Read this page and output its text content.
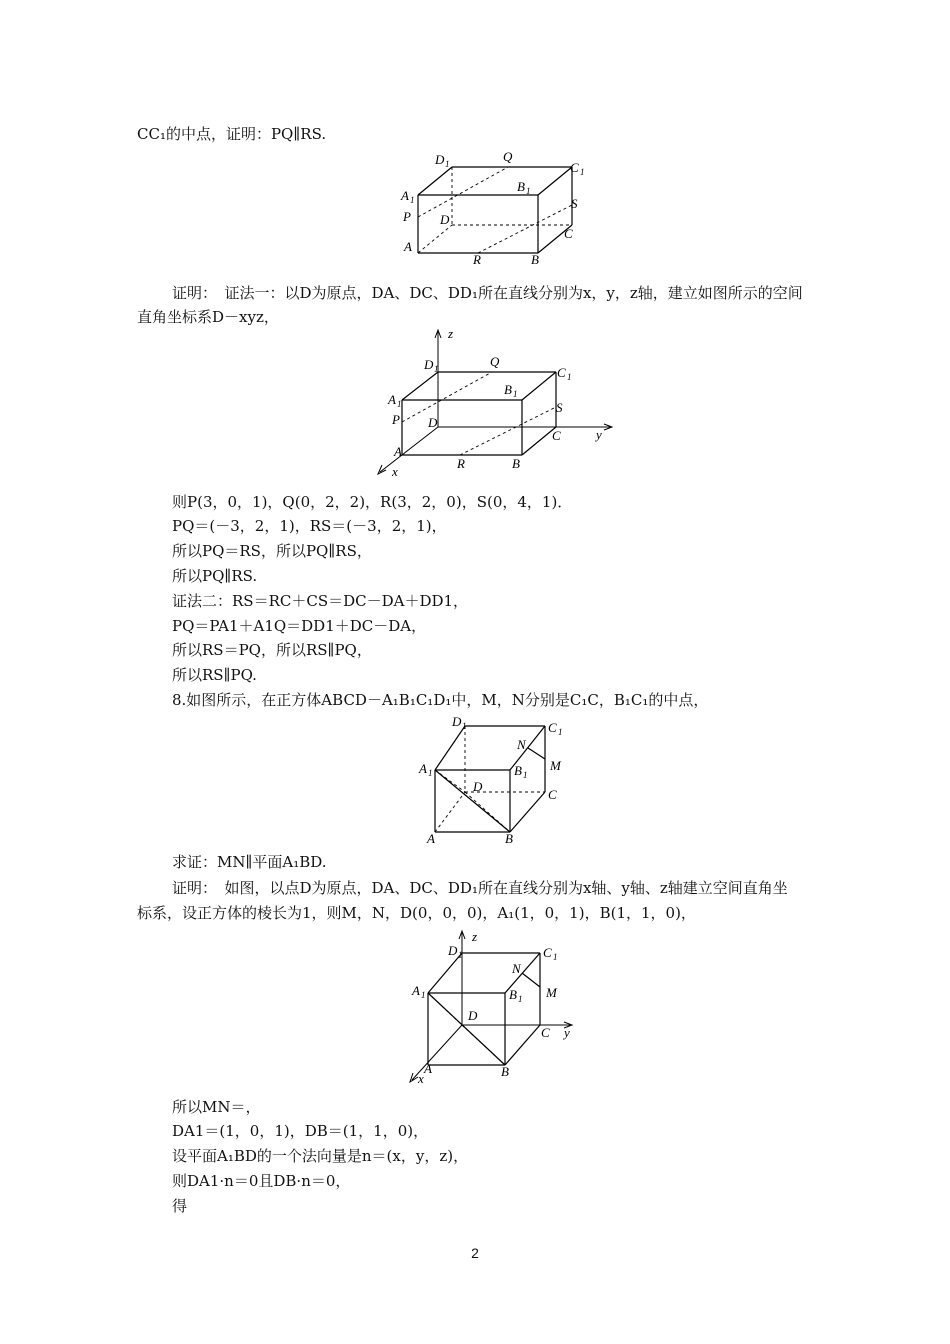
CC₁的中点，证明：PQ∥RS.
D 1	Q
C 1
A 1
B 1
P
S
D
C
A
R	B
证明：　证法一：以D为原点，DA、DC、DD₁所在直线分别为x，y，z轴，建立如图所示的空间
直角坐标系D－xyz，
z
y
x
D 1	Q
C 1
A 1
B 1
P
S
D
C
A
R	B
则P(3，0，1)，Q(0，2，2)，R(3，2，0)，S(0，4，1)．
PQ＝(－3，2，1)，RS＝(－3，2，1)，
所以PQ＝RS，所以PQ∥RS，
所以PQ∥RS.
证法二：RS＝RC＋CS＝DC－DA＋DD1，
PQ＝PA1＋A1Q＝DD1＋DC－DA，
所以RS＝PQ，所以RS∥PQ，
所以RS∥PQ.
8.如图所示，在正方体ABCD－A₁B₁C₁D₁中，M，N分别是C₁C，B₁C₁的中点，
D 1	C 1
N
M
A 1	B 1
D
C
A	B
求证：MN∥平面A₁BD.
证明：　如图，以点D为原点，DA、DC、DD₁所在直线分别为x轴、y轴、z轴建立空间直角坐
标系，设正方体的棱长为1，则M，N，D(0，0，0)，A₁(1，0，1)，B(1，1，0)，
z
y
x
D 1	C 1
N
M
A 1	B 1
D
C
A	B
所以MN＝，
DA1＝(1，0，1)，DB＝(1，1，0)，
设平面A₁BD的一个法向量是n＝(x，y，z)，
则DA1·n＝0且DB·n＝0，
得
2
